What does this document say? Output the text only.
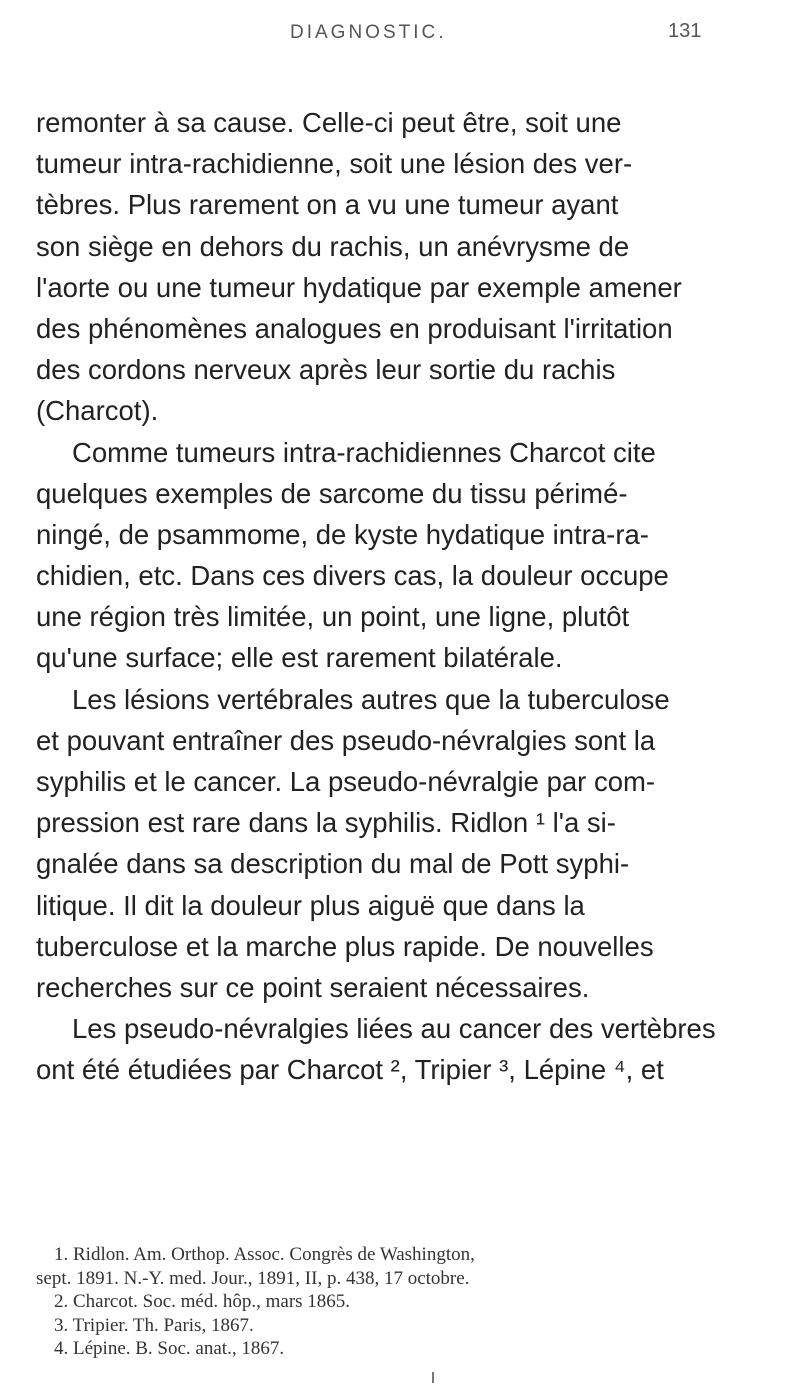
DIAGNOSTIC.	131
remonter à sa cause. Celle-ci peut être, soit une
tumeur intra-rachidienne, soit une lésion des ver-
tèbres. Plus rarement on a vu une tumeur ayant
son siège en dehors du rachis, un anévrysme de
l'aorte ou une tumeur hydatique par exemple amener
des phénomènes analogues en produisant l'irritation
des cordons nerveux après leur sortie du rachis
(Charcot).
Comme tumeurs intra-rachidiennes Charcot cite
quelques exemples de sarcome du tissu périmé-
ningé, de psammome, de kyste hydatique intra-ra-
chidien, etc. Dans ces divers cas, la douleur occupe
une région très limitée, un point, une ligne, plutôt
qu'une surface; elle est rarement bilatérale.
Les lésions vertébrales autres que la tuberculose
et pouvant entraîner des pseudo-névralgies sont la
syphilis et le cancer. La pseudo-névralgie par com-
pression est rare dans la syphilis. Ridlon ¹ l'a si-
gnalée dans sa description du mal de Pott syphi-
litique. Il dit la douleur plus aiguë que dans la
tuberculose et la marche plus rapide. De nouvelles
recherches sur ce point seraient nécessaires.
Les pseudo-névralgies liées au cancer des vertèbres
ont été étudiées par Charcot ², Tripier ³, Lépine ⁴, et
1. Ridlon. Am. Orthop. Assoc. Congrès de Washington,
sept. 1891. N.-Y. med. Jour., 1891, II, p. 438, 17 octobre.
2. Charcot. Soc. méd. hôp., mars 1865.
3. Tripier. Th. Paris, 1867.
4. Lépine. B. Soc. anat., 1867.
